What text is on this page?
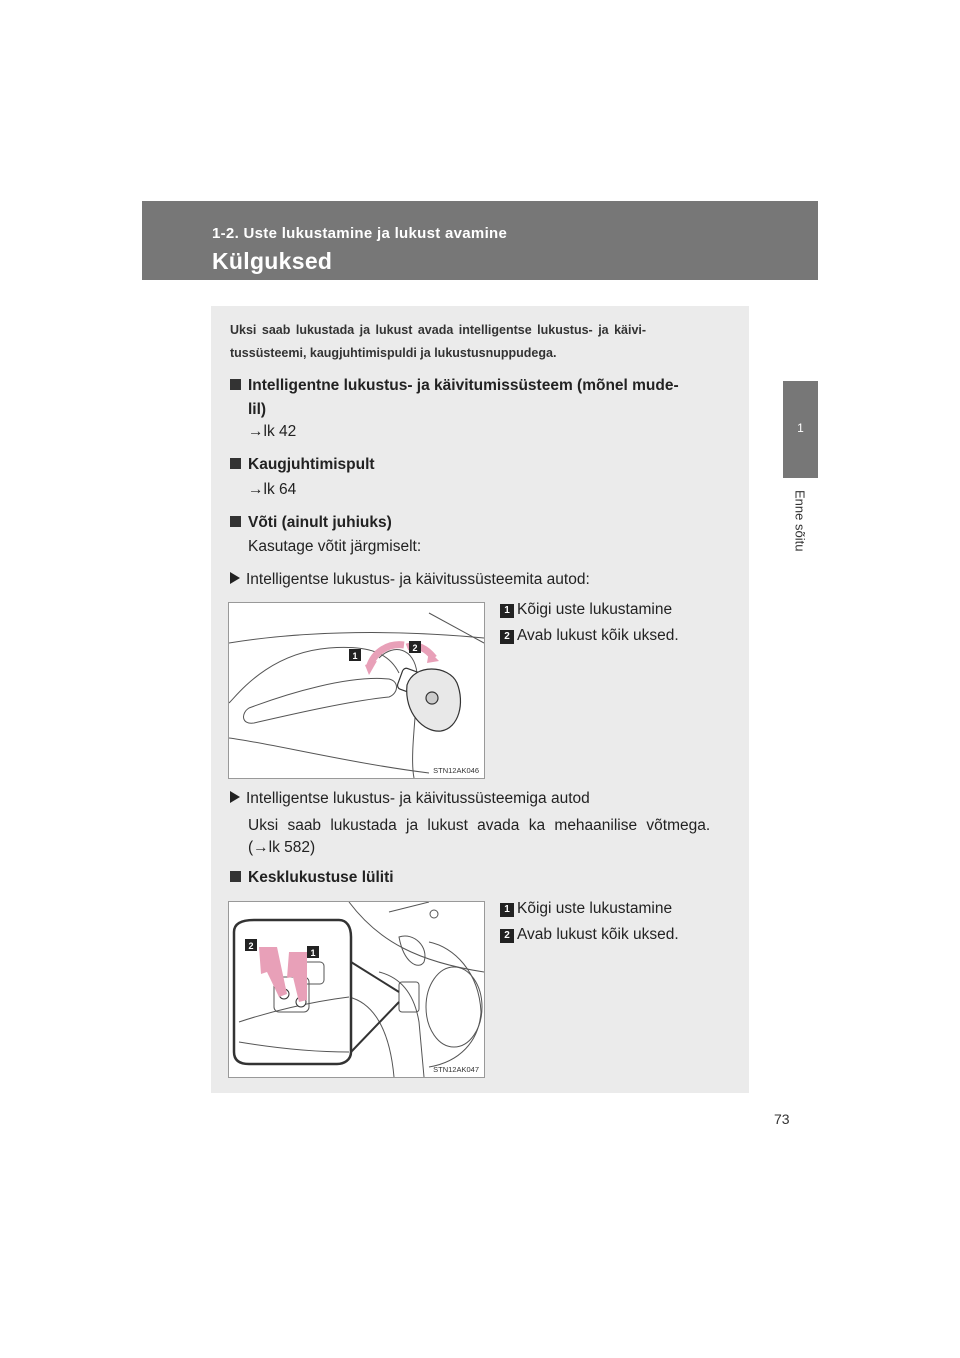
1-2. Uste lukustamine ja lukust avamine
Külguksed
1
Enne sõitu
73
Uksi saab lukustada ja lukust avada intelligentse lukustus- ja käivi-
tussüsteemi, kaugjuhtimispuldi ja lukustusnuppudega.
Intelligentne lukustus- ja käivitumissüsteem (mõnel mude-
lil)
→lk 42
Kaugjuhtimispult
→lk 64
Võti (ainult juhiuks)
Kasutage võtit järgmiselt:
Intelligentse lukustus- ja käivitussüsteemita autod:
1
2
STN12AK046
1 Kõigi uste lukustamine
2 Avab lukust kõik uksed.
Intelligentse lukustus- ja käivitussüsteemiga autod
Uksi saab lukustada ja lukust avada ka mehaanilise võtmega.
(→lk 582)
Kesklukustuse lüliti
2
1
STN12AK047
1 Kõigi uste lukustamine
2 Avab lukust kõik uksed.
